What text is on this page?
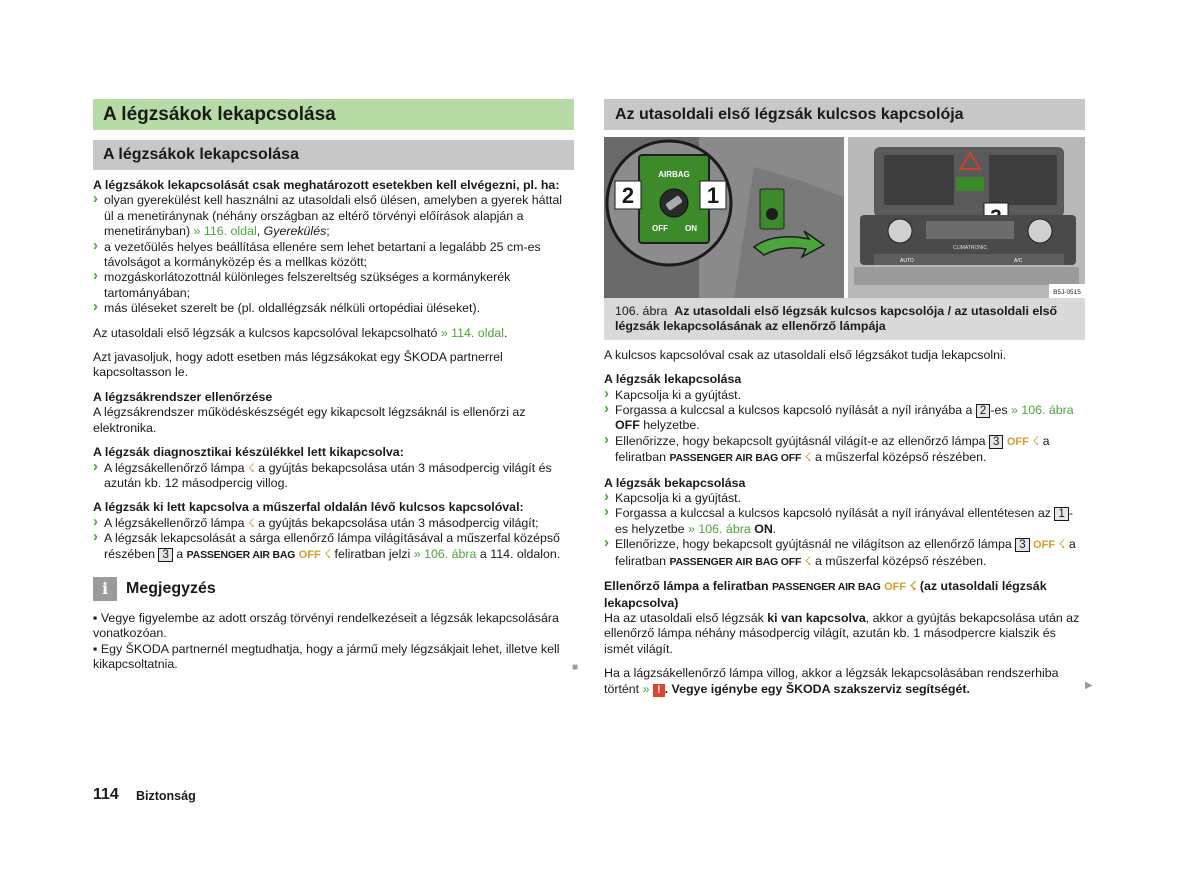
A légzsákok lekapcsolása
A légzsákok lekapcsolása

A légzsákok lekapcsolását csak meghatározott esetekben kell elvégezni, pl. ha:

› olyan gyerekülést kell használni az utasoldali első ülésen, amelyben a gyerek háttal ül a menetiránynak (néhány országban az eltérő törvényi előírások alapján a menetirányban) » 116. oldal, Gyerekülés;

› a vezetőülés helyes beállítása ellenére sem lehet betartani a legalább 25 cm-es távolságot a kormányközép és a mellkas között;

› mozgáskorlátozottnál különleges felszereltség szükséges a kormánykerék tartományában;

› más üléseket szerelt be (pl. oldallégzsák nélküli ortopédiai üléseket).

Az utasoldali első légzsák a kulcsos kapcsolóval lekapcsolható » 114. oldal.

Azt javasoljuk, hogy adott esetben más légzsákokat egy ŠKODA partnerrel kapcsoltasson le.

A légzsákrendszer ellenőrzése

A légzsákrendszer működéskészségét egy kikapcsolt légzsáknál is ellenőrzi az elektronika.

A légzsák diagnosztikai készülékkel lett kikapcsolva:

› A légzsákellenőrző lámpa ☇ a gyújtás bekapcsolása után 3 másodpercig világít és azután kb. 12 másodpercig villog.

A légzsák ki lett kapcsolva a műszerfal oldalán lévő kulcsos kapcsolóval:

› A légzsákellenőrző lámpa ☇ a gyújtás bekapcsolása után 3 másodpercig világít;

› A légzsák lekapcsolását a sárga ellenőrző lámpa világításával a műszerfal középső részében 3 a PASSENGER AIR BAG OFF ☇ feliratban jelzi » 106. ábra a 114. oldalon.

i	Megjegyzés

▪ Vegye figyelembe az adott ország törvényi rendelkezéseit a légzsák lekapcsolására vonatkozóan.

▪ Egy ŠKODA partnernél megtudhatja, hogy a jármű mely légzsákjait lehet, illetve kell kikapcsoltatnia.	■
Az utasoldali első légzsák kulcsos kapcsolója
AIRBAG
OFF ON
2	1
CLIMATRONIC
AUTO	A/C
B5J-0515
106. ábra Az utasoldali első légzsák kulcsos kapcsolója / az utasoldali első légzsák lekapcsolásának az ellenőrző lámpája

A kulcsos kapcsolóval csak az utasoldali első légzsákot tudja lekapcsolni.

A légzsák lekapcsolása

› Kapcsolja ki a gyújtást.

› Forgassa a kulccsal a kulcsos kapcsoló nyílását a nyíl irányába a 2 -es » 106. ábra OFF helyzetbe.

› Ellenőrizze, hogy bekapcsolt gyújtásnál világít-e az ellenőrző lámpa 3 OFF ☇ a feliratban PASSENGER AIR BAG OFF ☇ a műszerfal középső részében.

A légzsák bekapcsolása

› Kapcsolja ki a gyújtást.

› Forgassa a kulccsal a kulcsos kapcsoló nyílását a nyíl irányával ellentétesen az 1 -es helyzetbe » 106. ábra ON.

› Ellenőrizze, hogy bekapcsolt gyújtásnál ne világítson az ellenőrző lámpa 3 OFF ☇ a feliratban PASSENGER AIR BAG OFF ☇ a műszerfal középső részében.

Ellenőrző lámpa a feliratban PASSENGER AIR BAG OFF ☇ (az utasoldali légzsák lekapcsolva)

Ha az utasoldali első légzsák ki van kapcsolva, akkor a gyújtás bekapcsolása után az ellenőrző lámpa néhány másodpercig világít, azután kb. 1 másodpercre kialszik és ismét világít.

Ha a lágzsákellenőrző lámpa villog, akkor a légzsák lekapcsolásában rendszerhiba történt » ! . Vegye igénybe egy ŠKODA szakszerviz segítségét.	▶
114 Biztonság
